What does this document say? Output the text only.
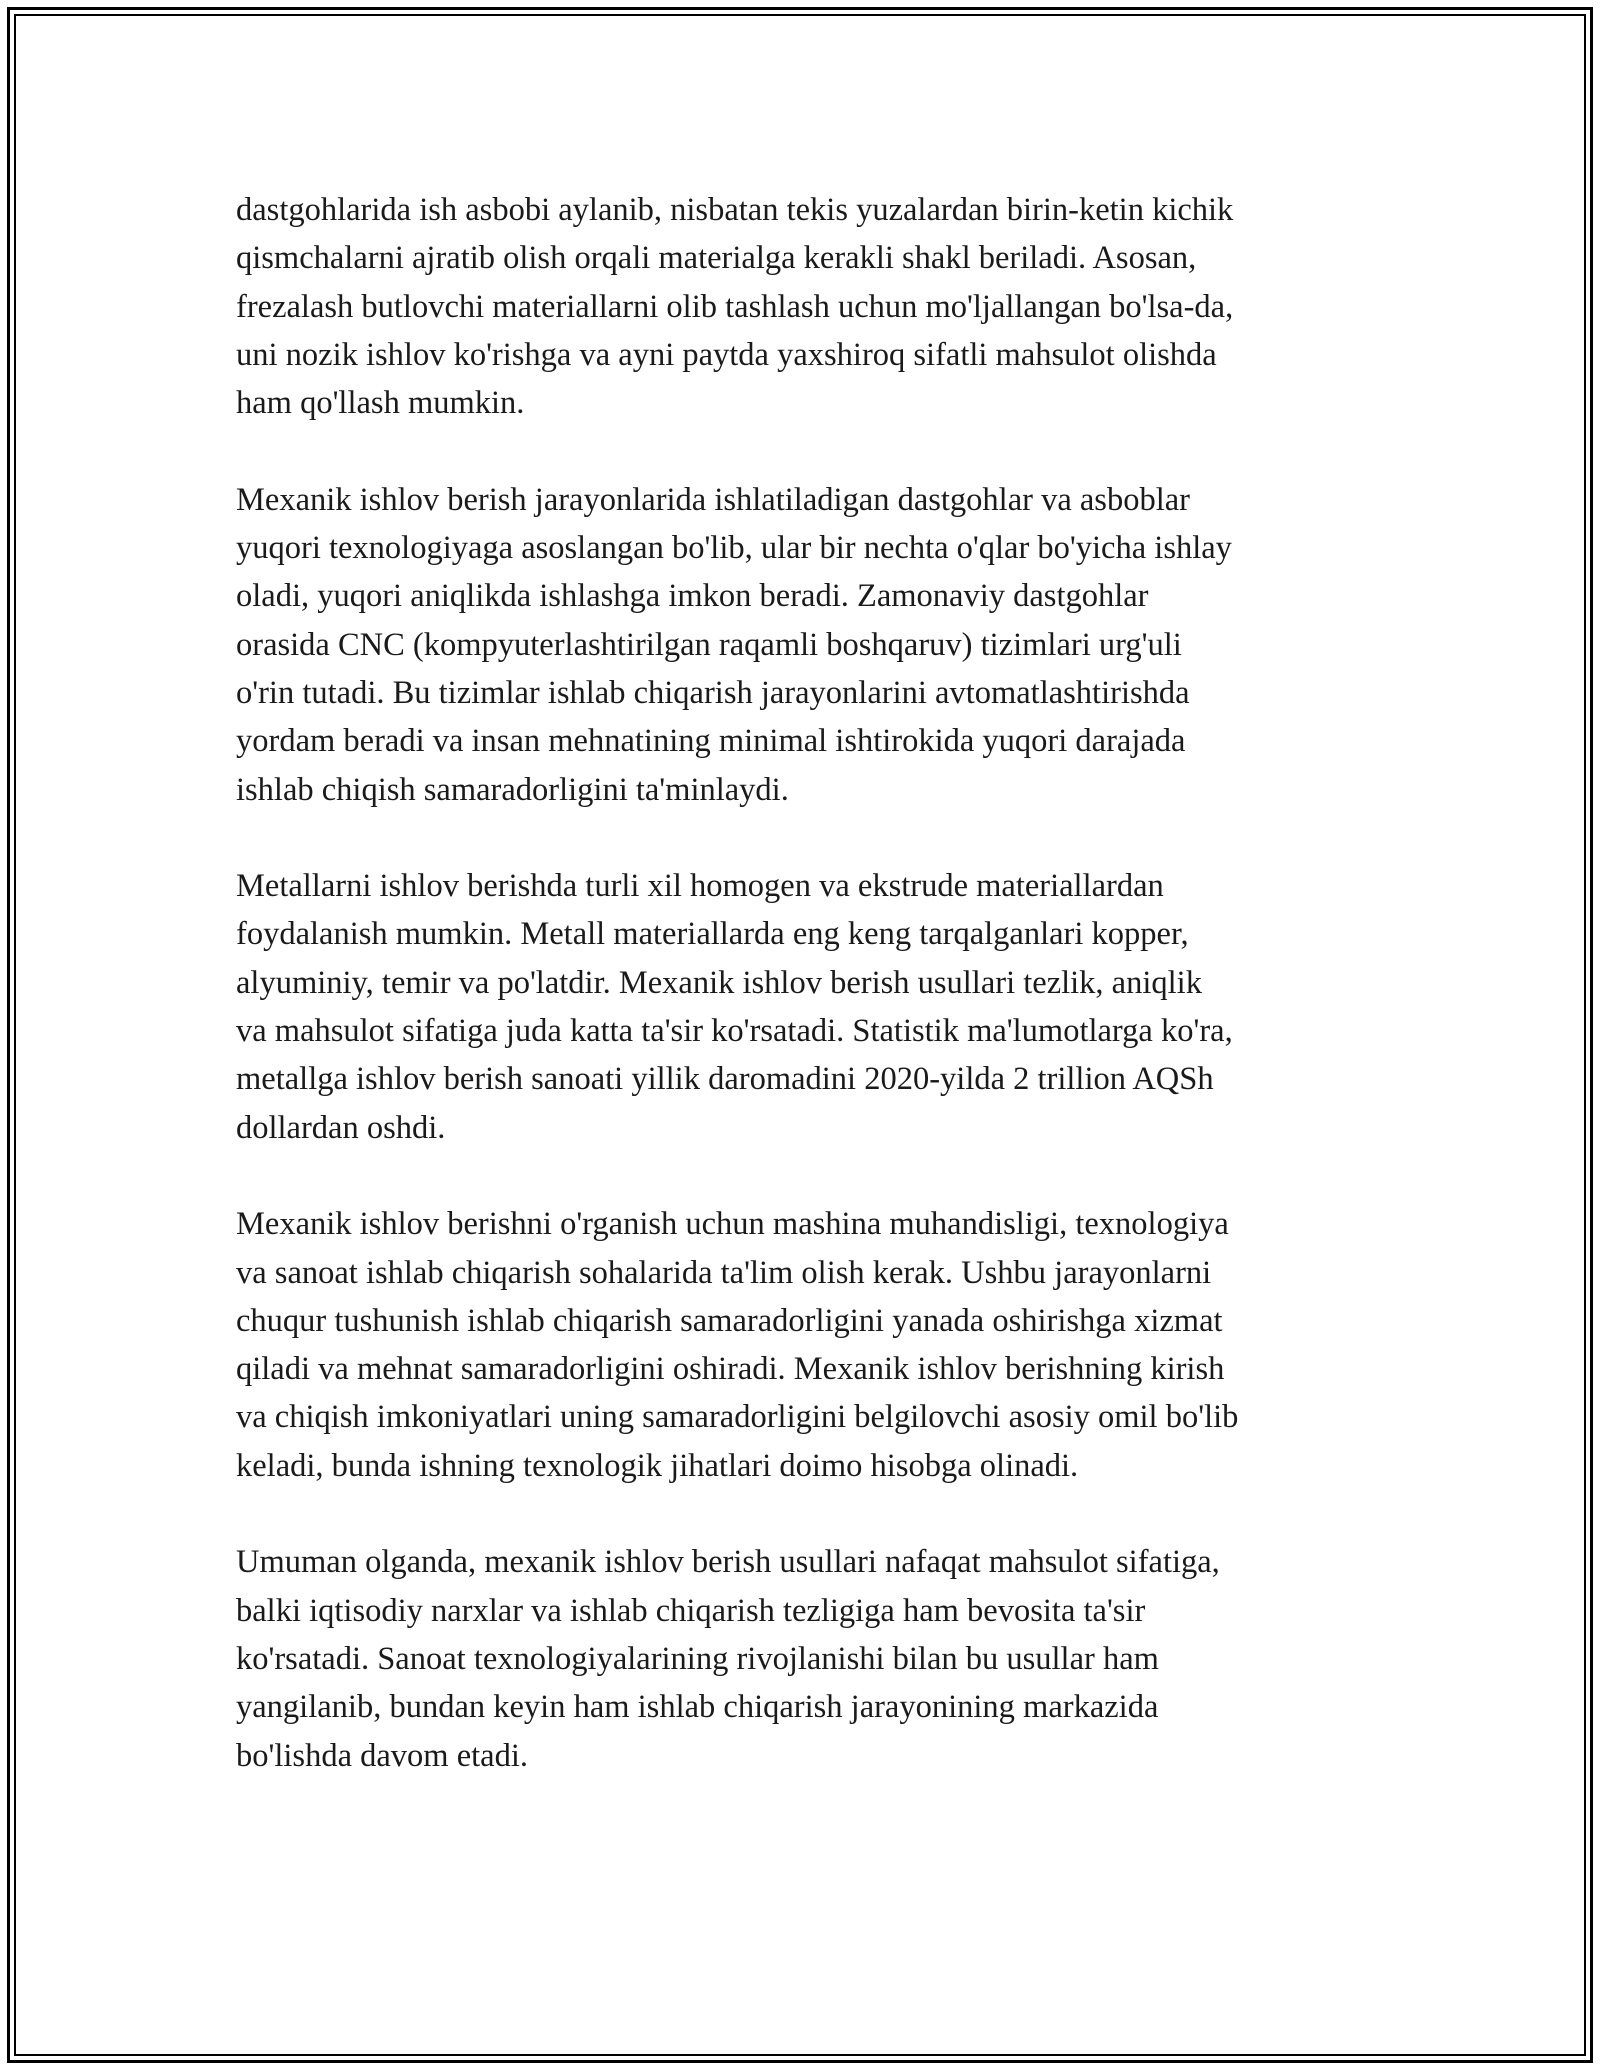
dastgohlarida ish asbobi aylanib, nisbatan tekis yuzalardan birin-ketin kichik
qismchalarni ajratib olish orqali materialga kerakli shakl beriladi. Asosan,
frezalash butlovchi materiallarni olib tashlash uchun mo'ljallangan bo'lsa-da,
uni nozik ishlov ko'rishga va ayni paytda yaxshiroq sifatli mahsulot olishda
ham qo'llash mumkin.

Mexanik ishlov berish jarayonlarida ishlatiladigan dastgohlar va asboblar
yuqori texnologiyaga asoslangan bo'lib, ular bir nechta o'qlar bo'yicha ishlay
oladi, yuqori aniqlikda ishlashga imkon beradi. Zamonaviy dastgohlar
orasida CNC (kompyuterlashtirilgan raqamli boshqaruv) tizimlari urg'uli
o'rin tutadi. Bu tizimlar ishlab chiqarish jarayonlarini avtomatlashtirishda
yordam beradi va insan mehnatining minimal ishtirokida yuqori darajada
ishlab chiqish samaradorligini ta'minlaydi.

Metallarni ishlov berishda turli xil homogen va ekstrude materiallardan
foydalanish mumkin. Metall materiallarda eng keng tarqalganlari kopper,
alyuminiy, temir va po'latdir. Mexanik ishlov berish usullari tezlik, aniqlik
va mahsulot sifatiga juda katta ta'sir ko'rsatadi. Statistik ma'lumotlarga ko'ra,
metallga ishlov berish sanoati yillik daromadini 2020-yilda 2 trillion AQSh
dollardan oshdi.

Mexanik ishlov berishni o'rganish uchun mashina muhandisligi, texnologiya
va sanoat ishlab chiqarish sohalarida ta'lim olish kerak. Ushbu jarayonlarni
chuqur tushunish ishlab chiqarish samaradorligini yanada oshirishga xizmat
qiladi va mehnat samaradorligini oshiradi. Mexanik ishlov berishning kirish
va chiqish imkoniyatlari uning samaradorligini belgilovchi asosiy omil bo'lib
keladi, bunda ishning texnologik jihatlari doimo hisobga olinadi.

Umuman olganda, mexanik ishlov berish usullari nafaqat mahsulot sifatiga,
balki iqtisodiy narxlar va ishlab chiqarish tezligiga ham bevosita ta'sir
ko'rsatadi. Sanoat texnologiyalarining rivojlanishi bilan bu usullar ham
yangilanib, bundan keyin ham ishlab chiqarish jarayonining markazida
bo'lishda davom etadi.
